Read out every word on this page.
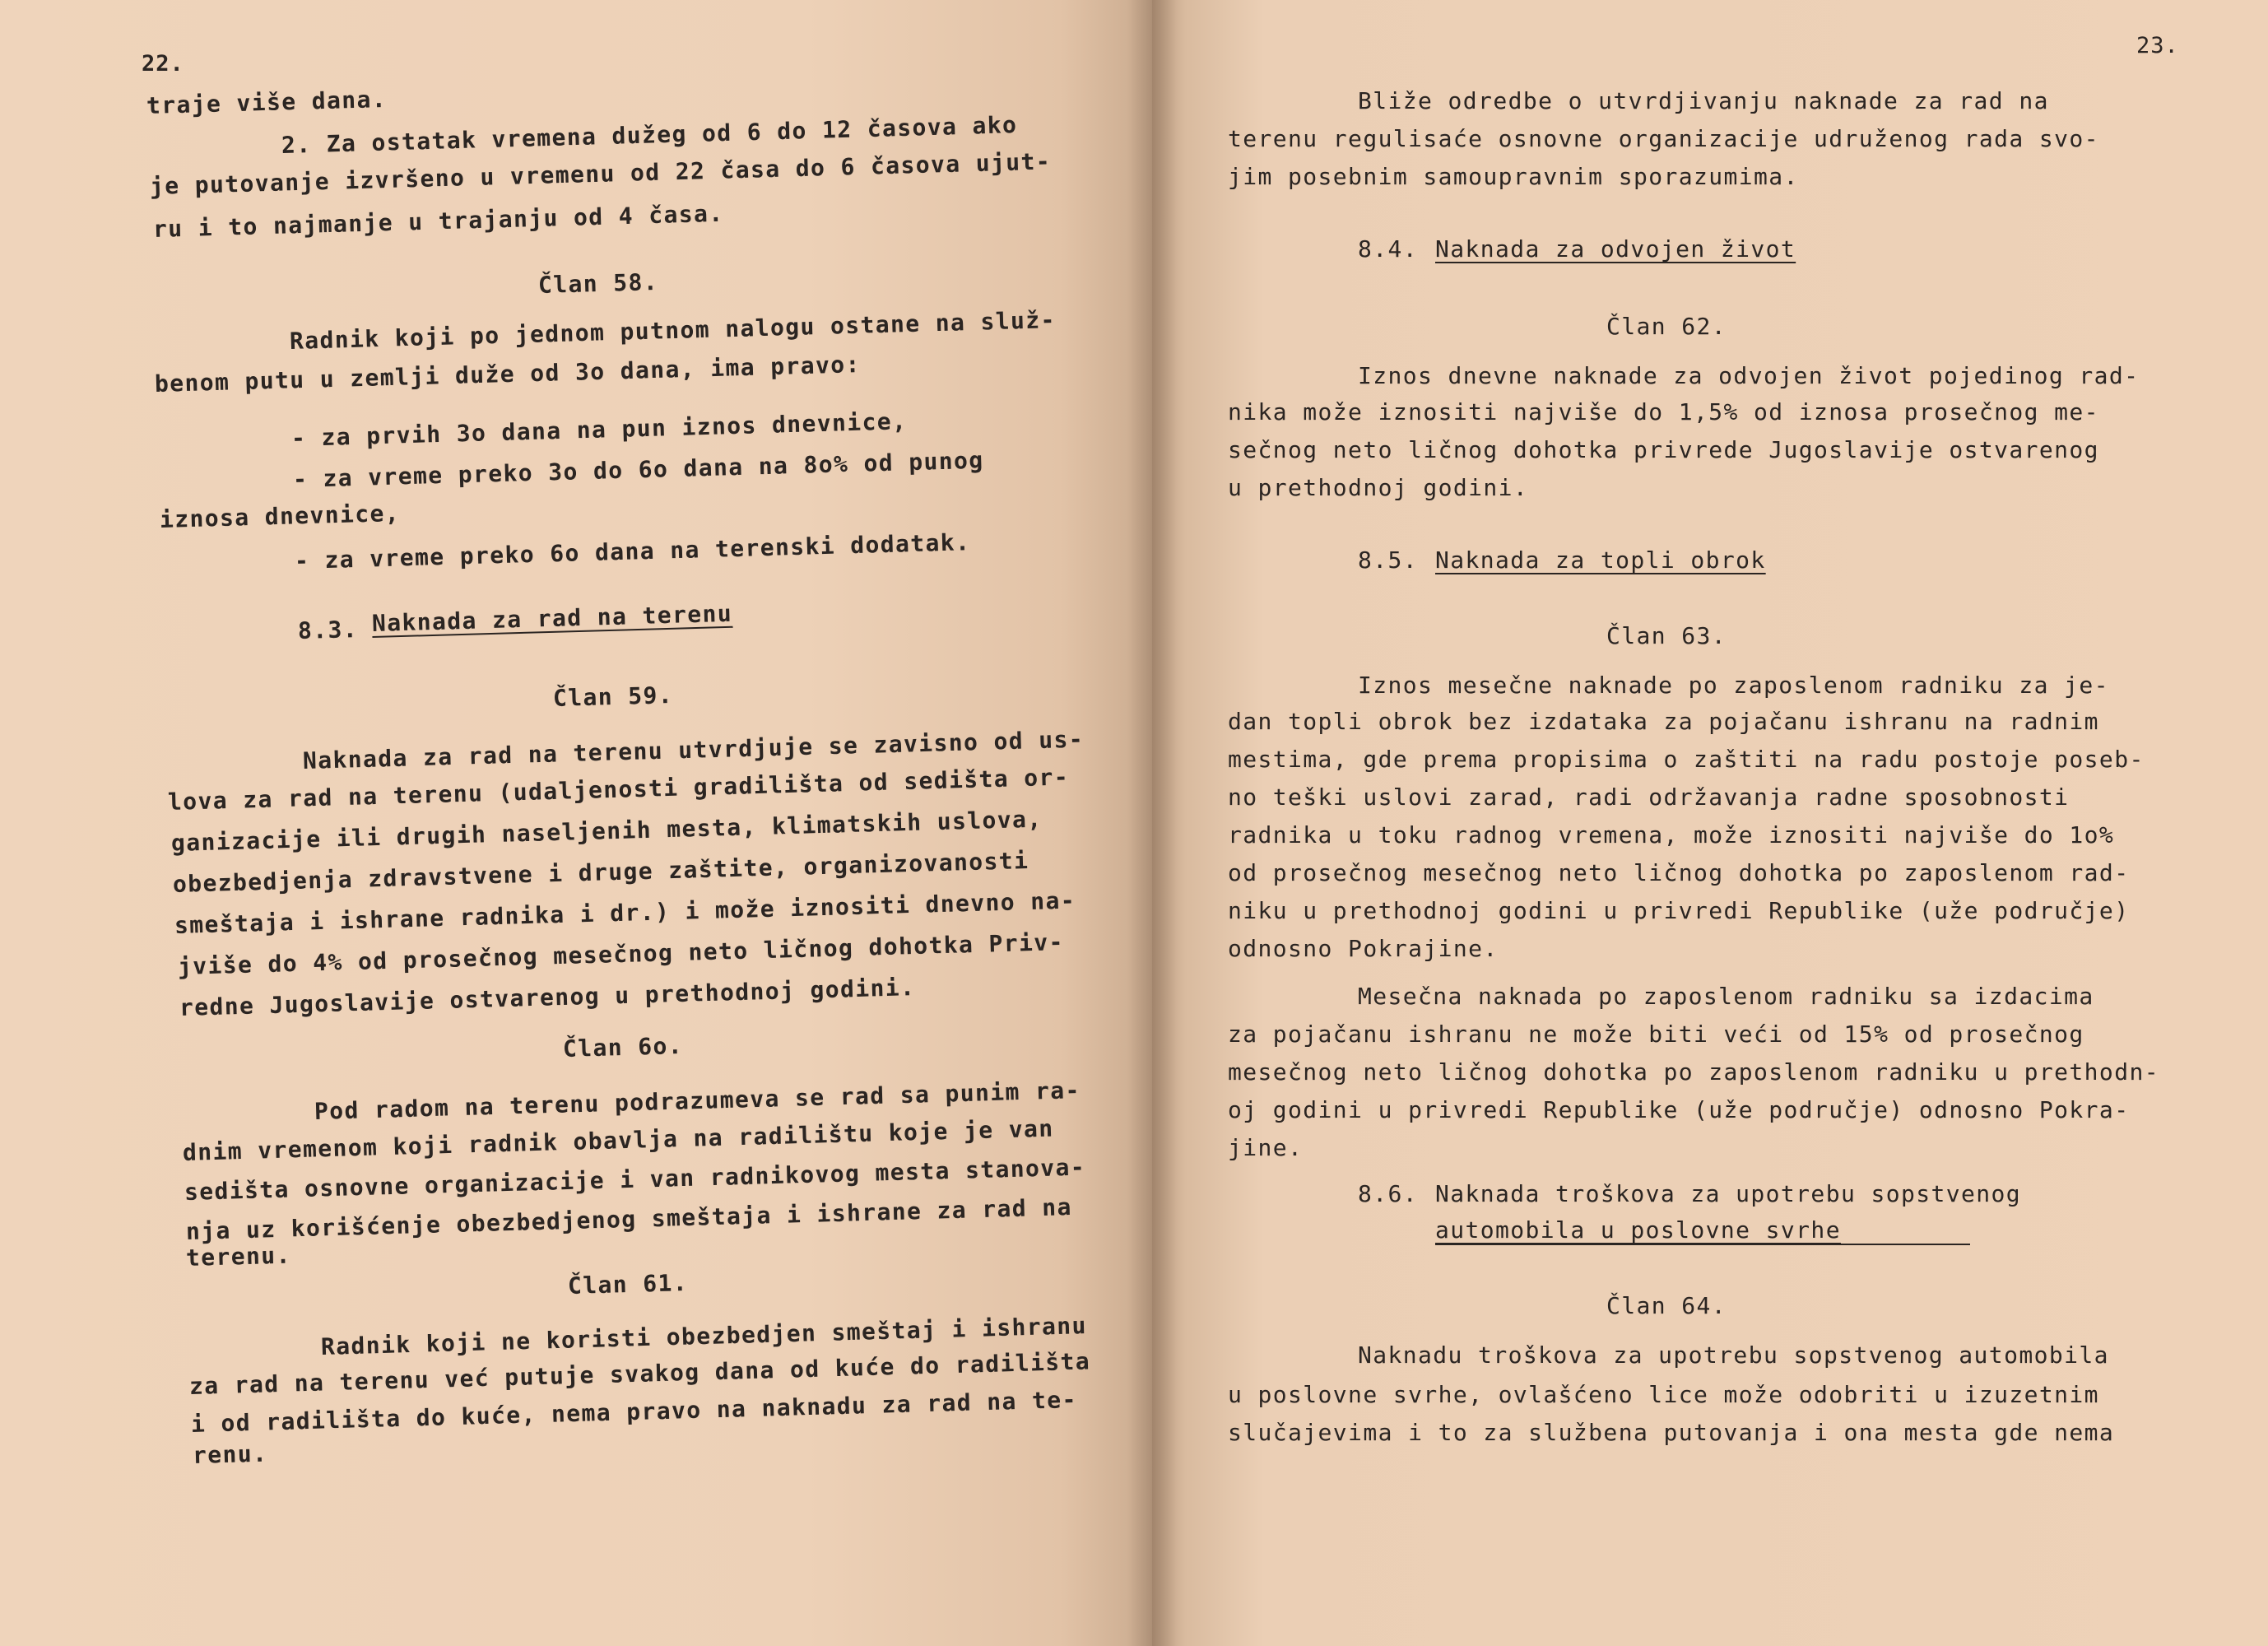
22.
traje više dana.
2. Za ostatak vremena dužeg od 6 do 12 časova ako
je putovanje izvršeno u vremenu od 22 časa do 6 časova ujut-
ru i to najmanje u trajanju od 4 časa.
Član 58.
Radnik koji po jednom putnom nalogu ostane na služ-
benom putu u zemlji duže od 3o dana, ima pravo:
- za prvih 3o dana na pun iznos dnevnice,
- za vreme preko 3o do 6o dana na 8o% od punog
iznosa dnevnice,
- za vreme preko 6o dana na terenski dodatak.
8.3. Naknada za rad na terenu
Član 59.
Naknada za rad na terenu utvrdjuje se zavisno od us-
lova za rad na terenu (udaljenosti gradilišta od sedišta or-
ganizacije ili drugih naseljenih mesta, klimatskih uslova,
obezbedjenja zdravstvene i druge zaštite, organizovanosti
smeštaja i ishrane radnika i dr.) i može iznositi dnevno na-
jviše do 4% od prosečnog mesečnog neto ličnog dohotka Priv-
redne Jugoslavije ostvarenog u prethodnoj godini.
Član 6o.
Pod radom na terenu podrazumeva se rad sa punim ra-
dnim vremenom koji radnik obavlja na radilištu koje je van
sedišta osnovne organizacije i van radnikovog mesta stanova-
nja uz korišćenje obezbedjenog smeštaja i ishrane za rad na
terenu.
Član 61.
Radnik koji ne koristi obezbedjen smeštaj i ishranu
za rad na terenu već putuje svakog dana od kuće do radilišta
i od radilišta do kuće, nema pravo na naknadu za rad na te-
renu.
23.
Bliže odredbe o utvrdjivanju naknade za rad na
terenu regulisaće osnovne organizacije udruženog rada svo-
jim posebnim samoupravnim sporazumima.
8.4. Naknada za odvojen život
Član 62.
Iznos dnevne naknade za odvojen život pojedinog rad-
nika može iznositi najviše do 1,5% od iznosa prosečnog me-
sečnog neto ličnog dohotka privrede Jugoslavije ostvarenog
u prethodnoj godini.
8.5. Naknada za topli obrok
Član 63.
Iznos mesečne naknade po zaposlenom radniku za je-
dan topli obrok bez izdataka za pojačanu ishranu na radnim
mestima, gde prema propisima o zaštiti na radu postoje poseb-
no teški uslovi zarad, radi održavanja radne sposobnosti
radnika u toku radnog vremena, može iznositi najviše do 1o%
od prosečnog mesečnog neto ličnog dohotka po zaposlenom rad-
niku u prethodnoj godini u privredi Republike (uže područje)
odnosno Pokrajine.
Mesečna naknada po zaposlenom radniku sa izdacima
za pojačanu ishranu ne može biti veći od 15% od prosečnog
mesečnog neto ličnog dohotka po zaposlenom radniku u prethodn-
oj godini u privredi Republike (uže područje) odnosno Pokra-
jine.
8.6. Naknada troškova za upotrebu sopstvenog
automobila u poslovne svrhe
Član 64.
Naknadu troškova za upotrebu sopstvenog automobila
u poslovne svrhe, ovlašćeno lice može odobriti u izuzetnim
slučajevima i to za službena putovanja i ona mesta gde nema
